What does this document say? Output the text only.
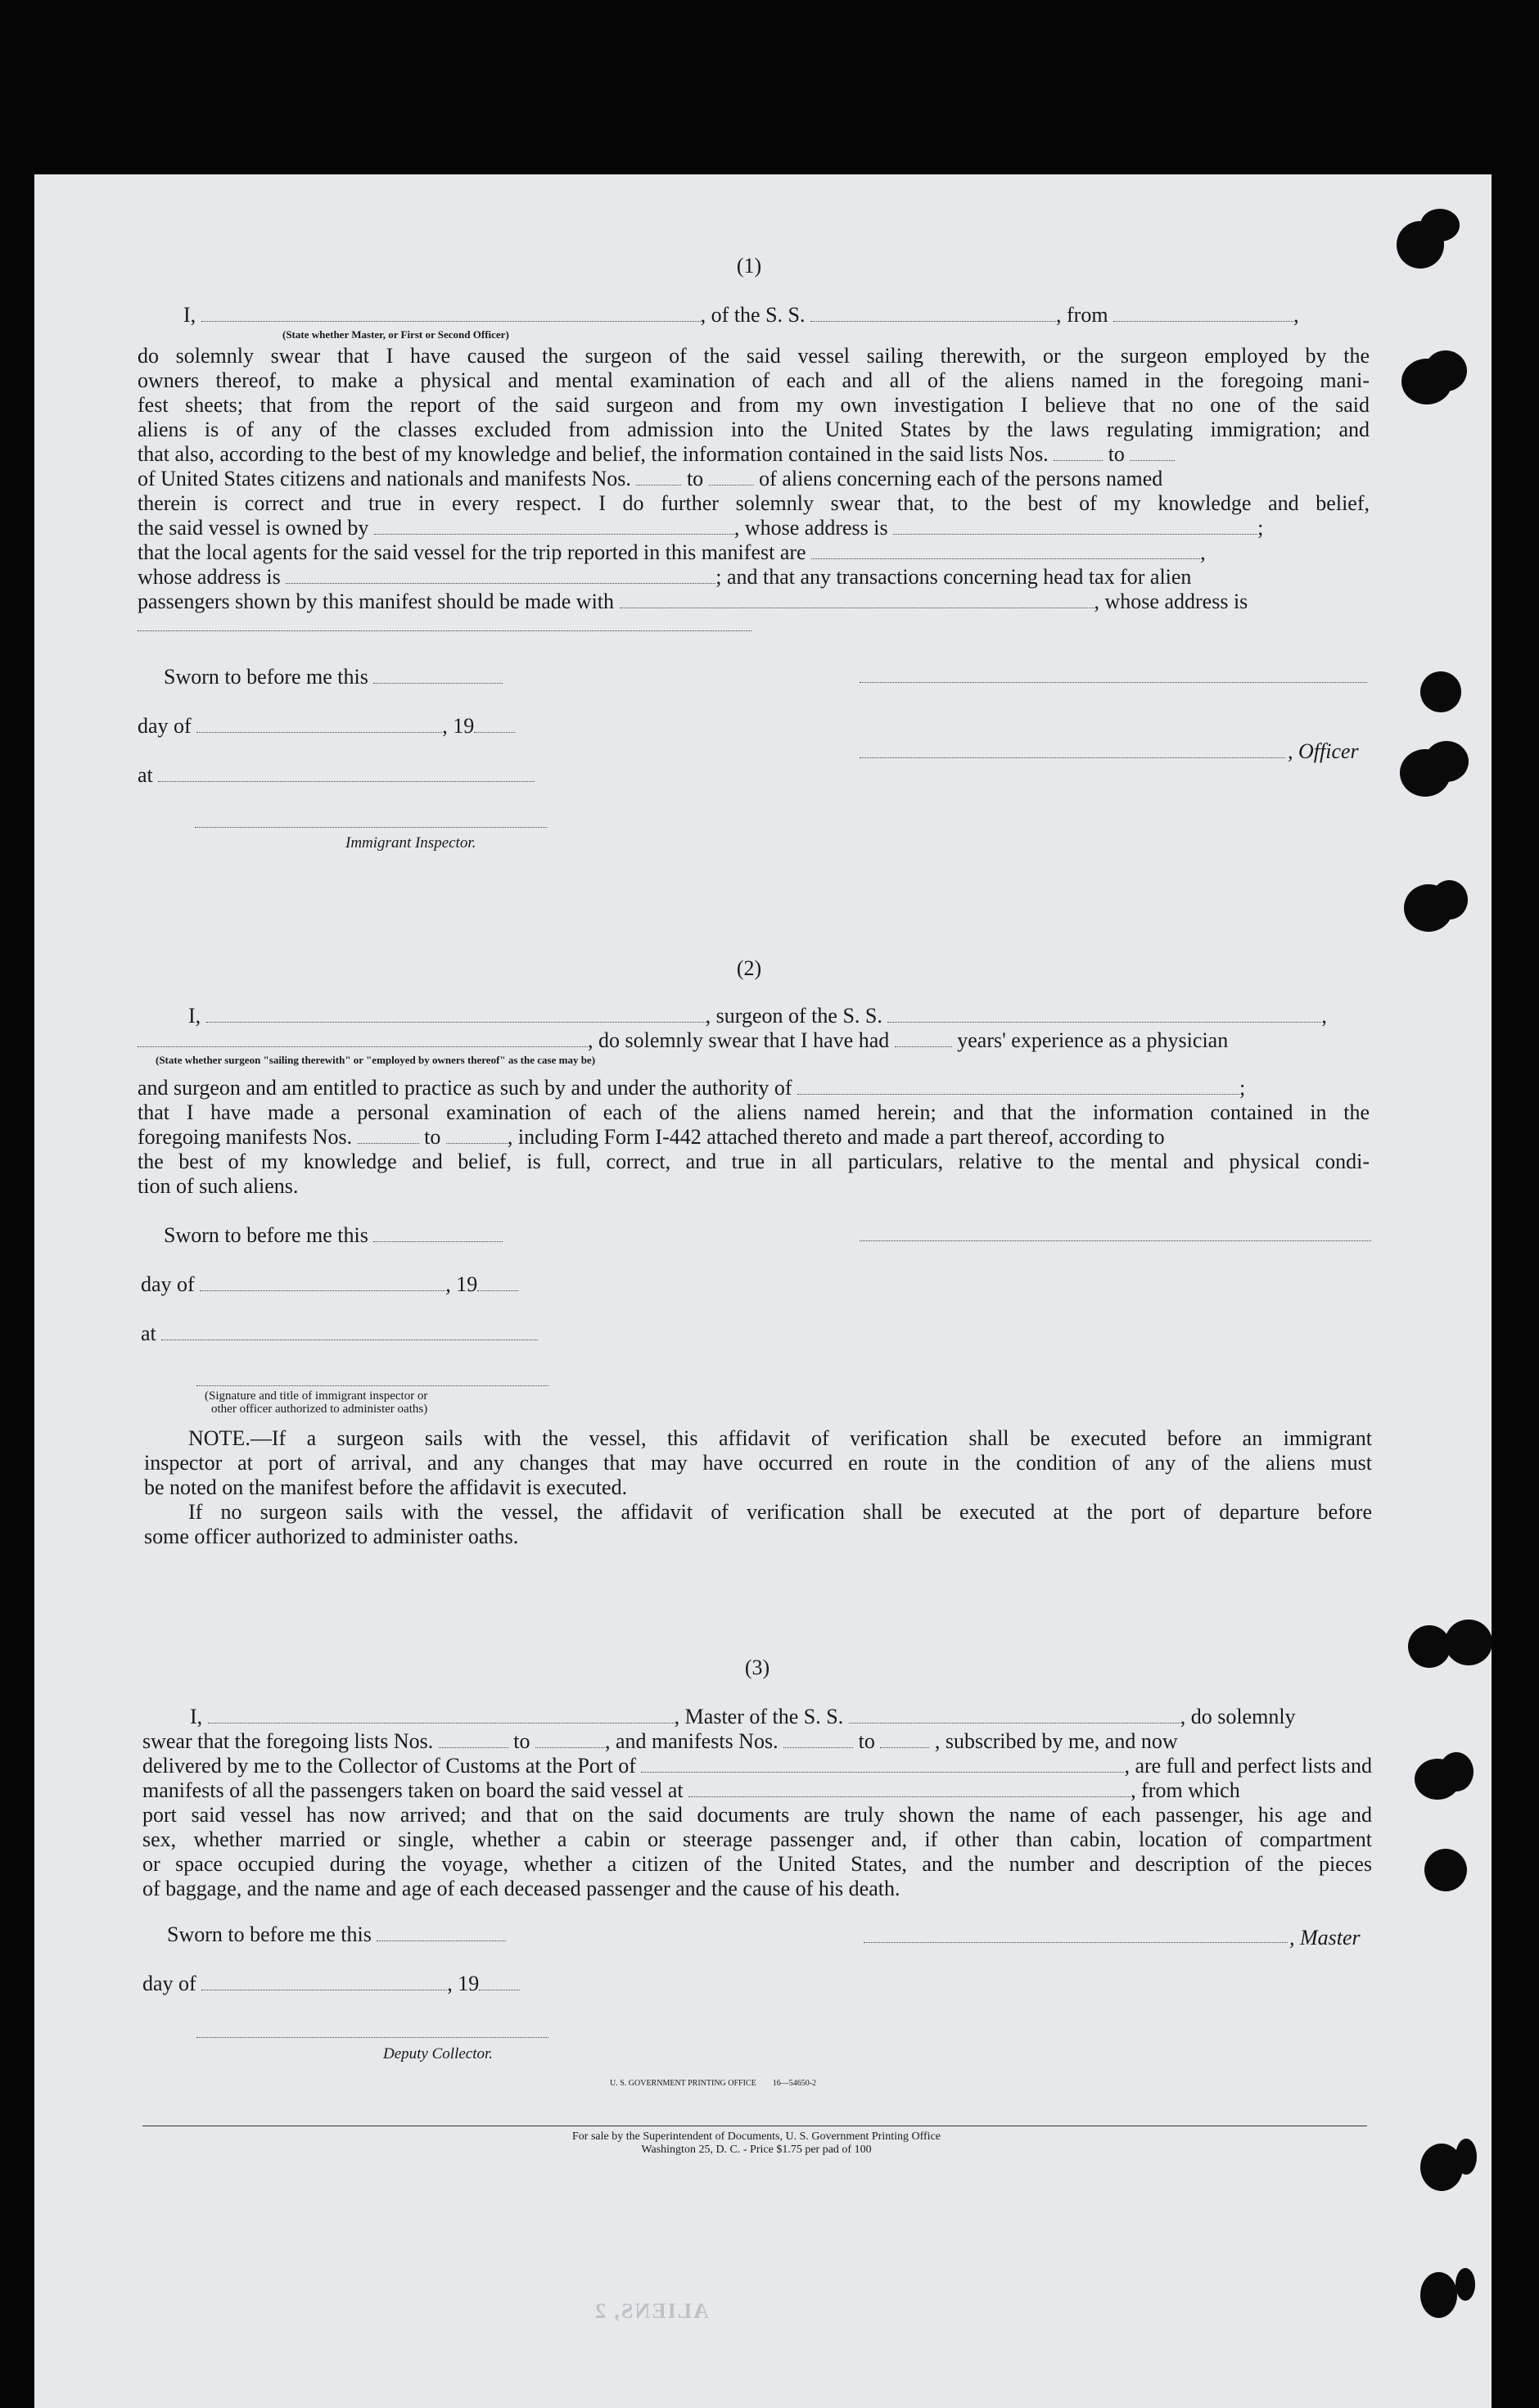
(1)
I,	, of the S. S.	, from	,
(State whether Master, or First or Second Officer)
do solemnly swear that I have caused the surgeon of the said vessel sailing therewith, or the surgeon employed by the
owners thereof, to make a physical and mental examination of each and all of the aliens named in the foregoing mani-
fest sheets; that from the report of the said surgeon and from my own investigation I believe that no one of the said
aliens is of any of the classes excluded from admission into the United States by the laws regulating immigration; and
that also, according to the best of my knowledge and belief, the information contained in the said lists Nos.	to
of United States citizens and nationals and manifests Nos.	to	of aliens concerning each of the persons named
therein is correct and true in every respect. I do further solemnly swear that, to the best of my knowledge and belief,
the said vessel is owned by	, whose address is	;
that the local agents for the said vessel for the trip reported in this manifest are	,
whose address is	; and that any transactions concerning head tax for alien
passengers shown by this manifest should be made with	, whose address is
Sworn to before me this
day of	, 19
, Officer
at
Immigrant Inspector.
(2)
I,	, surgeon of the S. S.	,
, do solemnly swear that I have had	years' experience as a physician
(State whether surgeon "sailing therewith" or "employed by owners thereof" as the case may be)
and surgeon and am entitled to practice as such by and under the authority of	;
that I have made a personal examination of each of the aliens named herein; and that the information contained in the
foregoing manifests Nos.	to	, including Form I-442 attached thereto and made a part thereof, according to
the best of my knowledge and belief, is full, correct, and true in all particulars, relative to the mental and physical condi-
tion of such aliens.
Sworn to before me this
day of	, 19
at
(Signature and title of immigrant inspector or
other officer authorized to administer oaths)
NOTE.—If a surgeon sails with the vessel, this affidavit of verification shall be executed before an immigrant
inspector at port of arrival, and any changes that may have occurred en route in the condition of any of the aliens must
be noted on the manifest before the affidavit is executed.
If no surgeon sails with the vessel, the affidavit of verification shall be executed at the port of departure before
some officer authorized to administer oaths.
(3)
I,	, Master of the S. S.	, do solemnly
swear that the foregoing lists Nos.	to	, and manifests Nos.	to	, subscribed by me, and now
delivered by me to the Collector of Customs at the Port of	, are full and perfect lists and
manifests of all the passengers taken on board the said vessel at	, from which
port said vessel has now arrived; and that on the said documents are truly shown the name of each passenger, his age and
sex, whether married or single, whether a cabin or steerage passenger and, if other than cabin, location of compartment
or space occupied during the voyage, whether a citizen of the United States, and the number and description of the pieces
of baggage, and the name and age of each deceased passenger and the cause of his death.
Sworn to before me this	, Master
day of	, 19
Deputy Collector.
U. S. GOVERNMENT PRINTING OFFICE        16—54650-2
For sale by the Superintendent of Documents, U. S. Government Printing Office
Washington 25, D. C. - Price $1.75 per pad of 100
ALIENS, 2
